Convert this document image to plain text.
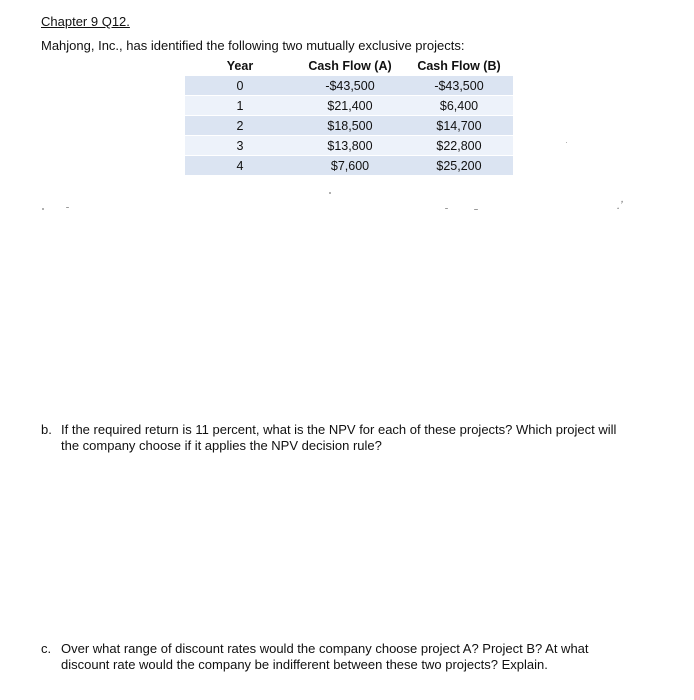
Chapter 9 Q12.
Mahjong, Inc., has identified the following two mutually exclusive projects:
Year	Cash Flow (A)	Cash Flow (B)
0	-$43,500	-$43,500
1	$21,400	$6,400
2	$18,500	$14,700
3	$13,800	$22,800
4	$7,600	$25,200
.ʼ
b. If the required return is 11 percent, what is the NPV for each of these projects? Which project will
the company choose if it applies the NPV decision rule?
c. Over what range of discount rates would the company choose project A? Project B? At what
discount rate would the company be indifferent between these two projects? Explain.
